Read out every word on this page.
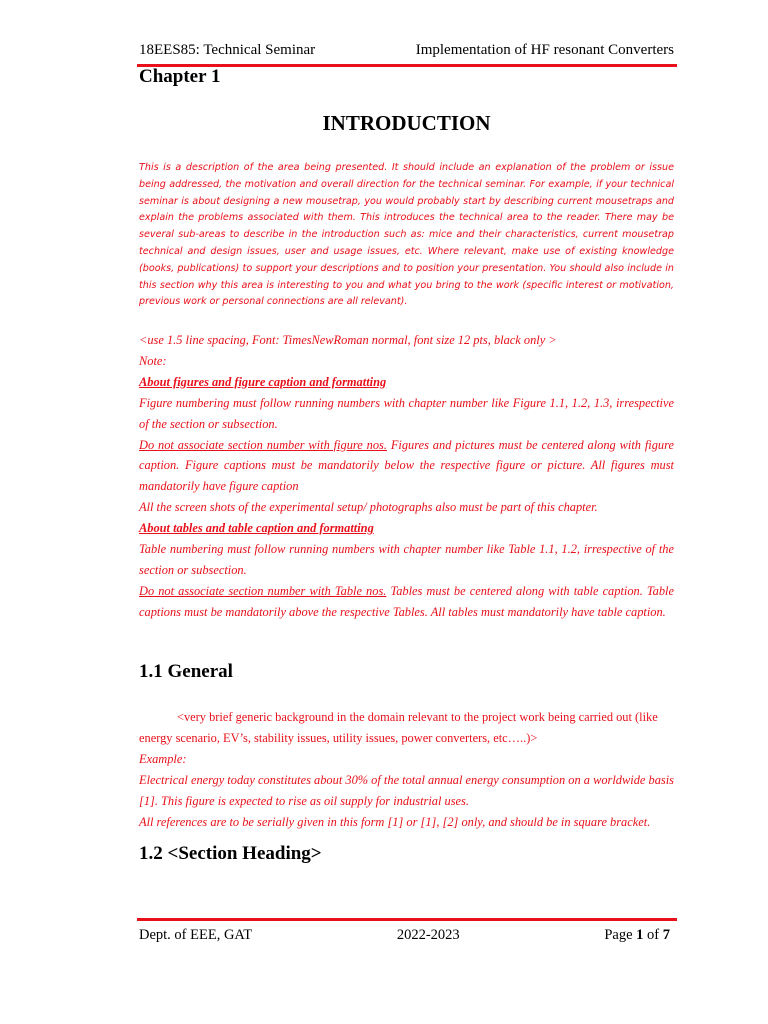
18EES85: Technical Seminar	Implementation of HF resonant Converters
Chapter 1
INTRODUCTION

This is a description of the area being presented. It should include an explanation of the problem or issue being addressed, the motivation and overall direction for the technical seminar. For example, if your technical seminar is about designing a new mousetrap, you would probably start by describing current mousetraps and explain the problems associated with them. This introduces the technical area to the reader. There may be several sub-areas to describe in the introduction such as: mice and their characteristics, current mousetrap technical and design issues, user and usage issues, etc. Where relevant, make use of existing knowledge (books, publications) to support your descriptions and to position your presentation. You should also include in this section why this area is interesting to you and what you bring to the work (specific interest or motivation, previous work or personal connections are all relevant).

<use 1.5 line spacing, Font: TimesNewRoman normal, font size 12 pts, black only >

Note:

About figures and figure caption and formatting

Figure numbering must follow running numbers with chapter number like Figure 1.1, 1.2, 1.3, irrespective of the section or subsection.

Do not associate section number with figure nos. Figures and pictures must be centered along with figure caption. Figure captions must be mandatorily below the respective figure or picture. All figures must mandatorily have figure caption

All the screen shots of the experimental setup/ photographs also must be part of this chapter.

About tables and table caption and formatting

Table numbering must follow running numbers with chapter number like Table 1.1, 1.2, irrespective of the section or subsection.

Do not associate section number with Table nos. Tables must be centered along with table caption. Table captions must be mandatorily above the respective Tables. All tables must mandatorily have table caption.

1.1 General

<very brief generic background in the domain relevant to the project work being carried out (like energy scenario, EV’s, stability issues, utility issues, power converters, etc…..)>

Example:

Electrical energy today constitutes about 30% of the total annual energy consumption on a worldwide basis [1]. This figure is expected to rise as oil supply for industrial uses.

All references are to be serially given in this form [1] or [1], [2] only, and should be in square bracket.

1.2 <Section Heading>
Dept. of EEE, GAT	2022-2023	Page 1 of 7
